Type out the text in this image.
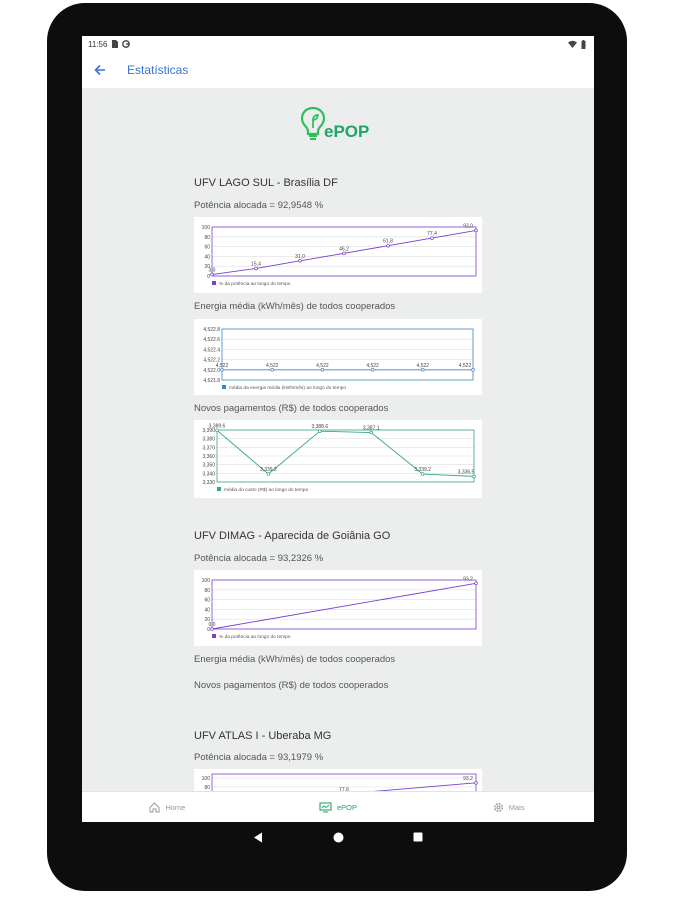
11:56
Estatísticas
ePOP
UFV LAGO SUL - Brasília DF
Potência alocada = 92,9548 %
100
80
60
40
20
0
3,0
15,4
31,0
46,2
61,8
77,4
93,0
% da potência ao longo do tempo
Energia média (kWh/mês) de todos cooperados
4,522.8
4,522.6
4,522.4
4,522.2
4,522.0
4,521.8
4,522	4,522	4,522	4,522	4,522	4,522
média da energia média (kWh/mês) ao longo do tempo
Novos pagamentos (R$) de todos cooperados
3,390
3,380
3,370
3,360
3,350
3,340
3,330
3,389.6
3,339.2
3,388.6	3,387.1
3,339.2	3,336.5
média do custo (R$) ao longo do tempo
UFV DIMAG - Aparecida de Goiânia GO
Potência alocada = 93,2326 %
100
80
60
40
20
0
0,0
93,2
% da potência ao longo do tempo
Energia média (kWh/mês) de todos cooperados
Novos pagamentos (R$) de todos cooperados
UFV ATLAS I - Uberaba MG
Potência alocada = 93,1979 %
100
80	77,6
93,2
Home	ePOP	Mais
